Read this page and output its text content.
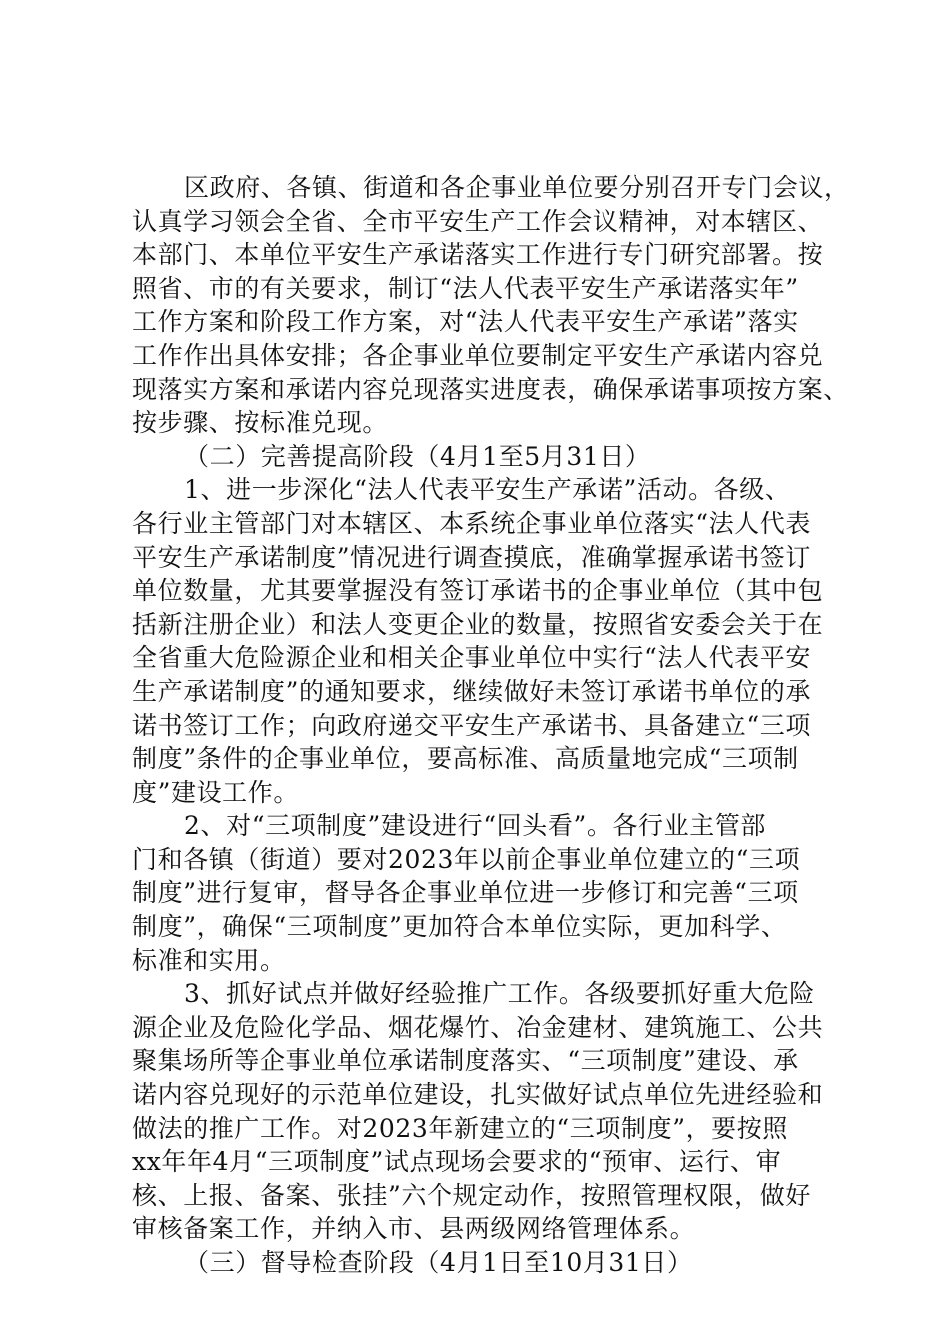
区政府、各镇、街道和各企事业单位要分别召开专门会议，
认真学习领会全省、全市平安生产工作会议精神，对本辖区、
本部门、本单位平安生产承诺落实工作进行专门研究部署。按
照省、市的有关要求，制订“法人代表平安生产承诺落实年”
工作方案和阶段工作方案，对“法人代表平安生产承诺”落实
工作作出具体安排；各企事业单位要制定平安生产承诺内容兑
现落实方案和承诺内容兑现落实进度表，确保承诺事项按方案、
按步骤、按标准兑现。
（二）完善提高阶段（4月1至5月31日）
1、进一步深化“法人代表平安生产承诺”活动。各级、
各行业主管部门对本辖区、本系统企事业单位落实“法人代表
平安生产承诺制度”情况进行调查摸底，准确掌握承诺书签订
单位数量，尤其要掌握没有签订承诺书的企事业单位（其中包
括新注册企业）和法人变更企业的数量，按照省安委会关于在
全省重大危险源企业和相关企事业单位中实行“法人代表平安
生产承诺制度”的通知要求，继续做好未签订承诺书单位的承
诺书签订工作；向政府递交平安生产承诺书、具备建立“三项
制度”条件的企事业单位，要高标准、高质量地完成“三项制
度”建设工作。
2、对“三项制度”建设进行“回头看”。各行业主管部
门和各镇（街道）要对2023年以前企事业单位建立的“三项
制度”进行复审，督导各企事业单位进一步修订和完善“三项
制度”，确保“三项制度”更加符合本单位实际，更加科学、
标准和实用。
3、抓好试点并做好经验推广工作。各级要抓好重大危险
源企业及危险化学品、烟花爆竹、冶金建材、建筑施工、公共
聚集场所等企事业单位承诺制度落实、“三项制度”建设、承
诺内容兑现好的示范单位建设，扎实做好试点单位先进经验和
做法的推广工作。对2023年新建立的“三项制度”，要按照
xx年年4月“三项制度”试点现场会要求的“预审、运行、审
核、上报、备案、张挂”六个规定动作，按照管理权限，做好
审核备案工作，并纳入市、县两级网络管理体系。
（三）督导检查阶段（4月1日至10月31日）
